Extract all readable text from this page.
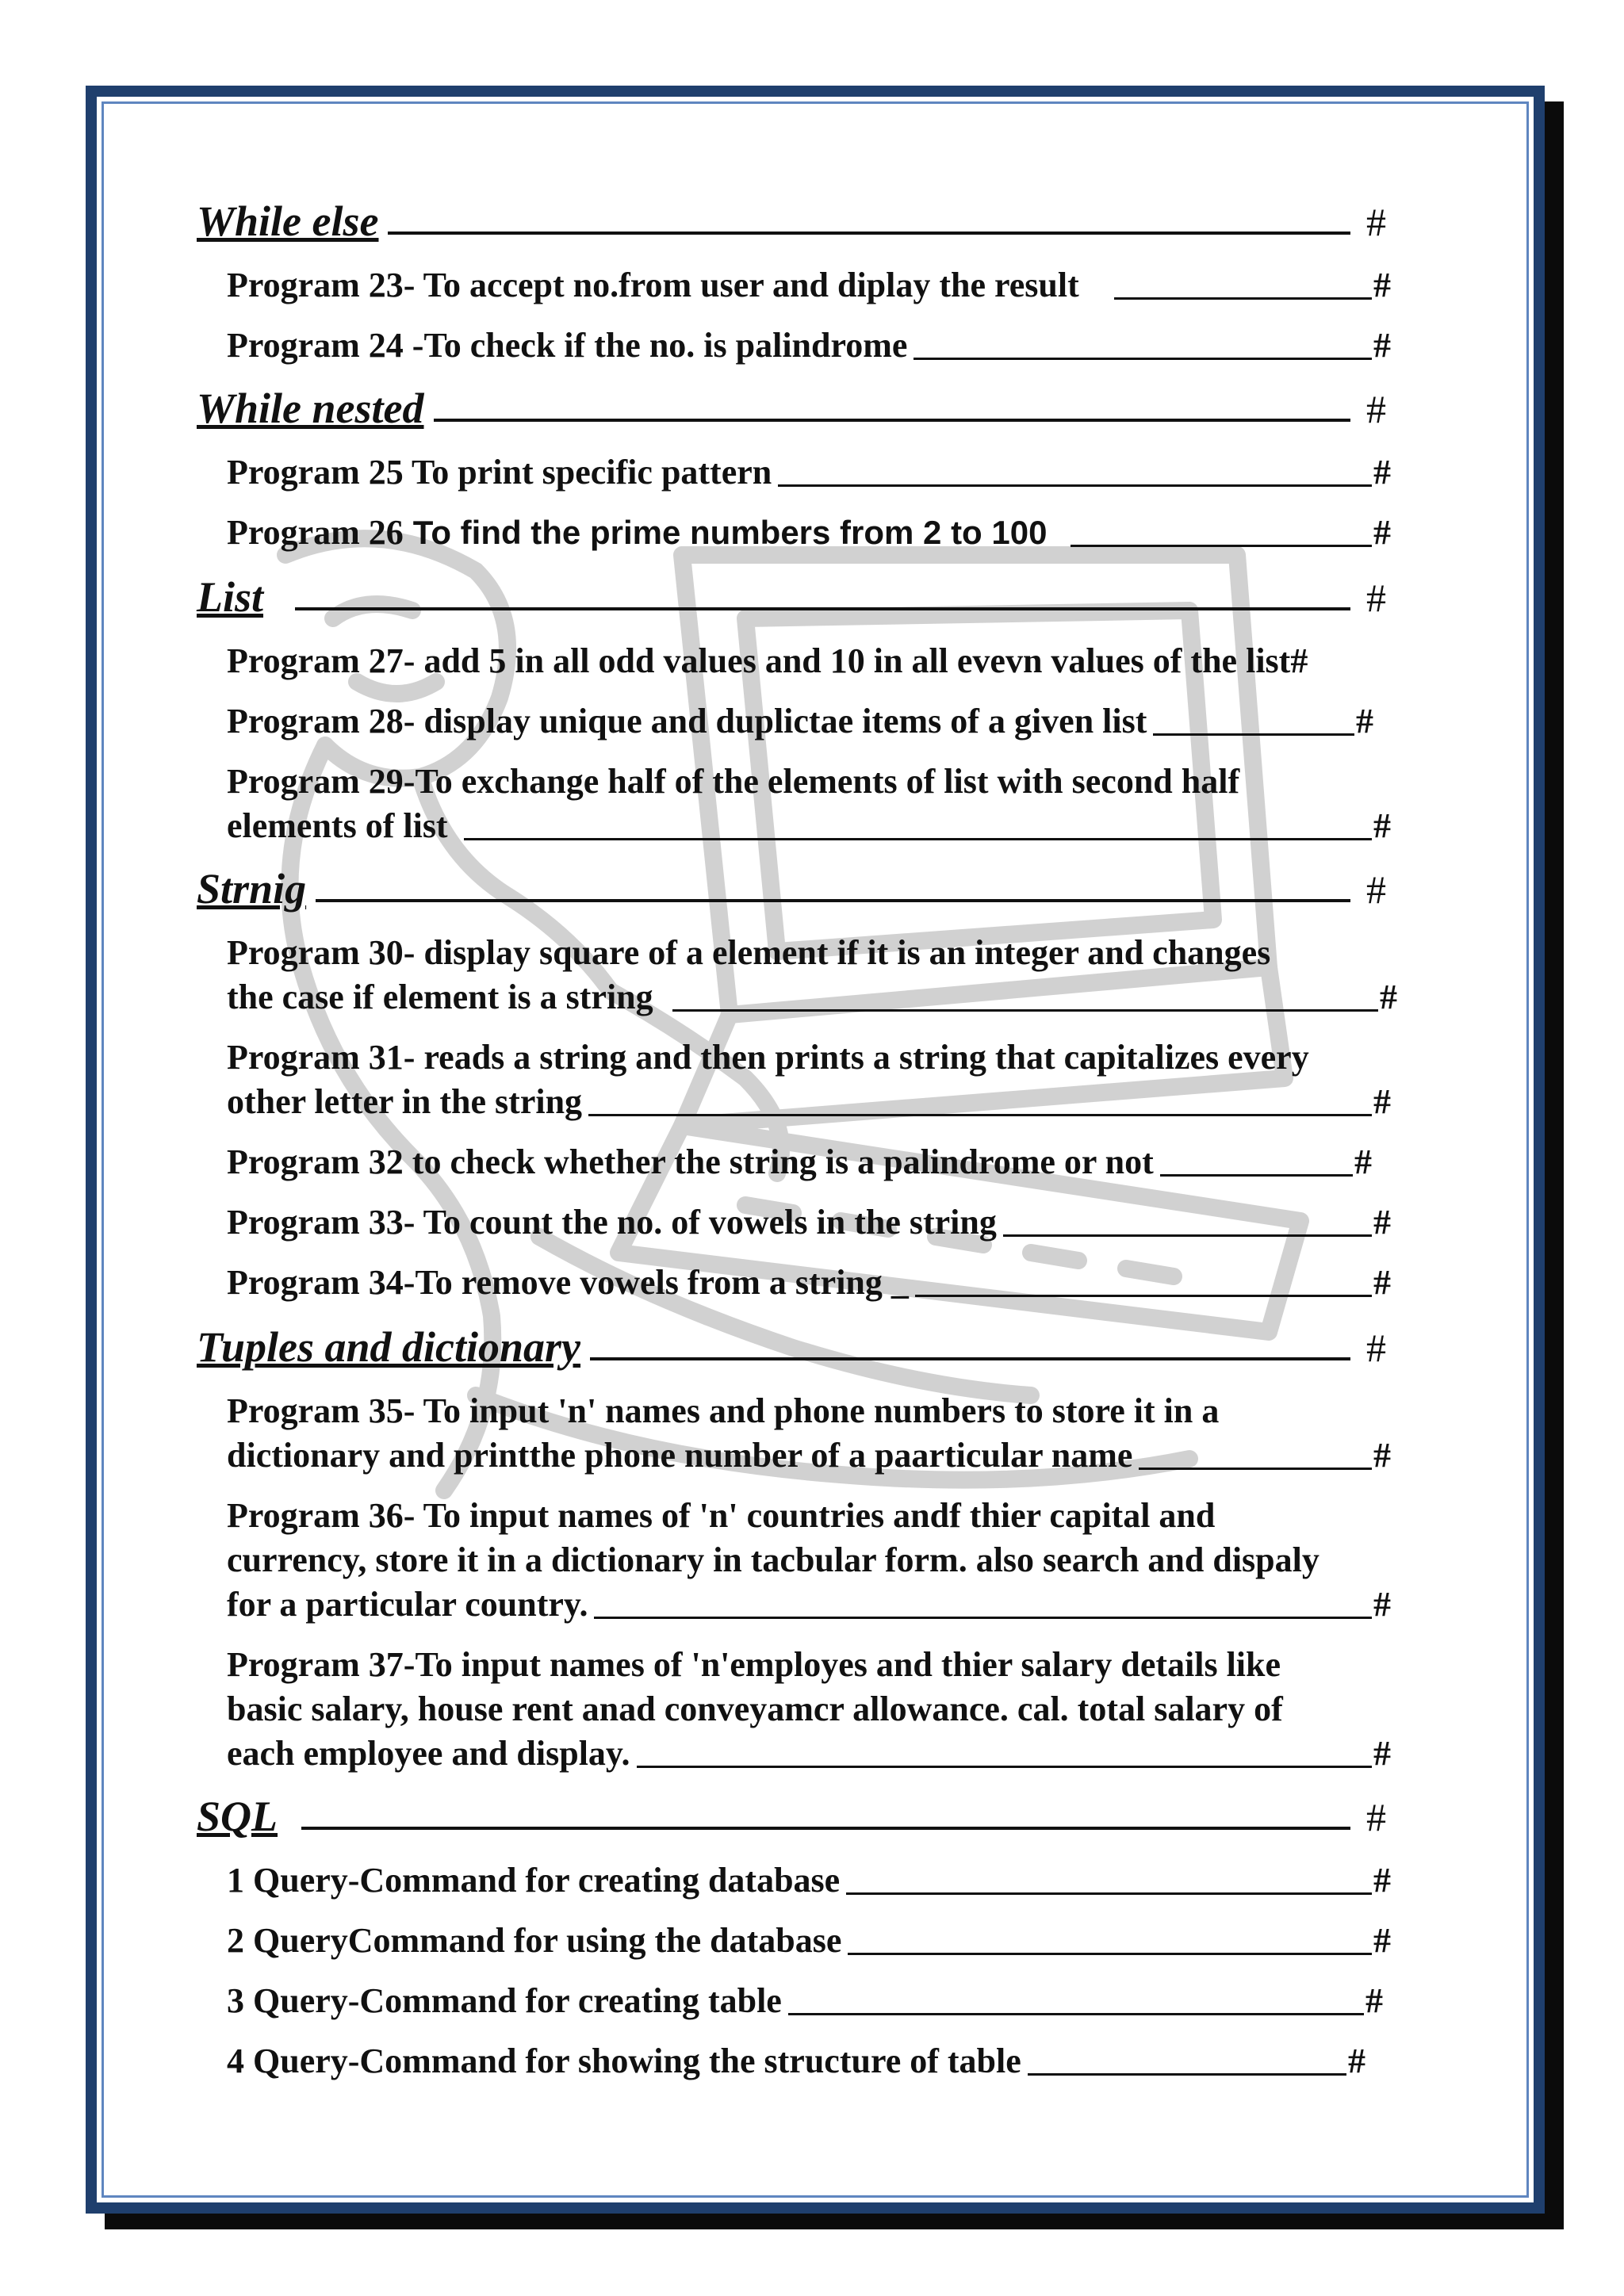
While else	#
Program 23- To accept no.from user and diplay the result	#
Program 24 -To check if the no. is palindrome	#
While nested	#
Program 25 To print specific pattern	#
Program 26 To find the prime numbers from 2 to 100	#
List	#
Program 27- add 5 in all odd values and 10 in all evevn values of the list#
Program 28- display unique and duplictae items of a given list	#
Program 29-To exchange half of the elements of list with second half
elements of list	#
Strnig	#
Program 30- display square of a element if it is an integer and changes
the case if element is a string	#
Program 31- reads a string and then prints a string that capitalizes every
other letter in the string	#
Program 32 to check whether the string is a palindrome or not	#
Program 33- To count the no. of vowels in the string	#
Program 34-To remove vowels from a string _	#
Tuples and dictionary	#
Program 35- To input 'n' names and phone numbers to store it in a
dictionary and printthe phone number of a paarticular name	#
Program 36- To input names of 'n' countries andf thier capital and
currency, store it in a dictionary in tacbular form. also search and dispaly
for a particular country.	#
Program 37-To input names of 'n'employes and thier salary details like
basic salary, house rent anad conveyamcr allowance. cal. total salary of
each employee and display.	#
SQL	#
1 Query-Command for creating database	#
2 QueryCommand for using the database	#
3 Query-Command for creating table	#
4 Query-Command for showing the structure of table	#
